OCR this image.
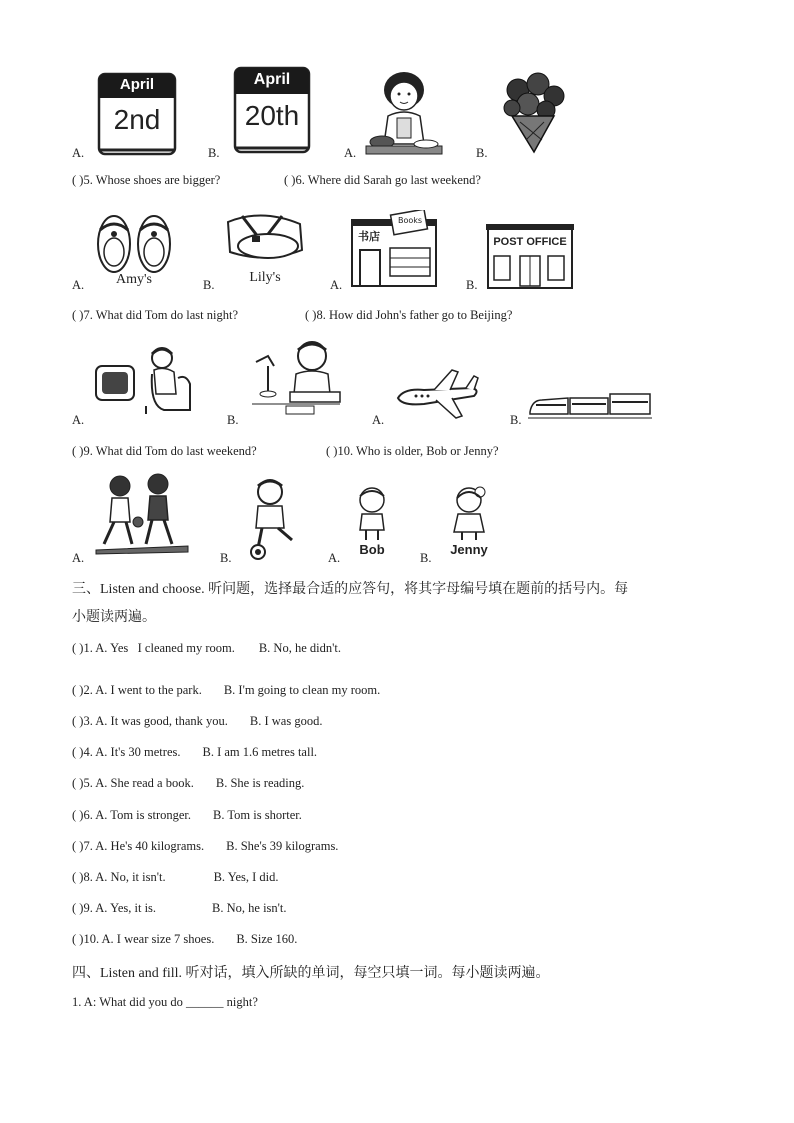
A.
April
2nd
B.
April
20th
A.	B.
( )5. Whose shoes are bigger?	( )6. Where did Sarah go last weekend?
A.	Amy's	B.	Lily's	A.
书店
Books
B.
POST OFFICE
( )7. What did Tom do last night?	( )8. How did John's father go to Beijing?
A.	B.	A.	B.
( )9. What did Tom do last weekend?	( )10. Who is older, Bob or Jenny?
A.	B.	A.
Bob
B.
Jenny
三、Listen and choose. 听问题，选择最合适的应答句，将其字母编号填在题前的括号内。每
小题读两遍。
( )1. A. Yes I cleaned my room. B. No, he didn't.
( )2. A. I went to the park. B. I'm going to clean my room.
( )3. A. It was good, thank you. B. I was good.
( )4. A. It's 30 metres. B. I am 1.6 metres tall.
( )5. A. She read a book. B. She is reading.
( )6. A. Tom is stronger. B. Tom is shorter.
( )7. A. He's 40 kilograms. B. She's 39 kilograms.
( )8. A. No, it isn't.	B. Yes, I did.
( )9. A. Yes, it is.	B. No, he isn't.
( )10. A. I wear size 7 shoes. B. Size 160.
四、Listen and fill. 听对话，填入所缺的单词，每空只填一词。每小题读两遍。
1. A: What did you do ______ night?
